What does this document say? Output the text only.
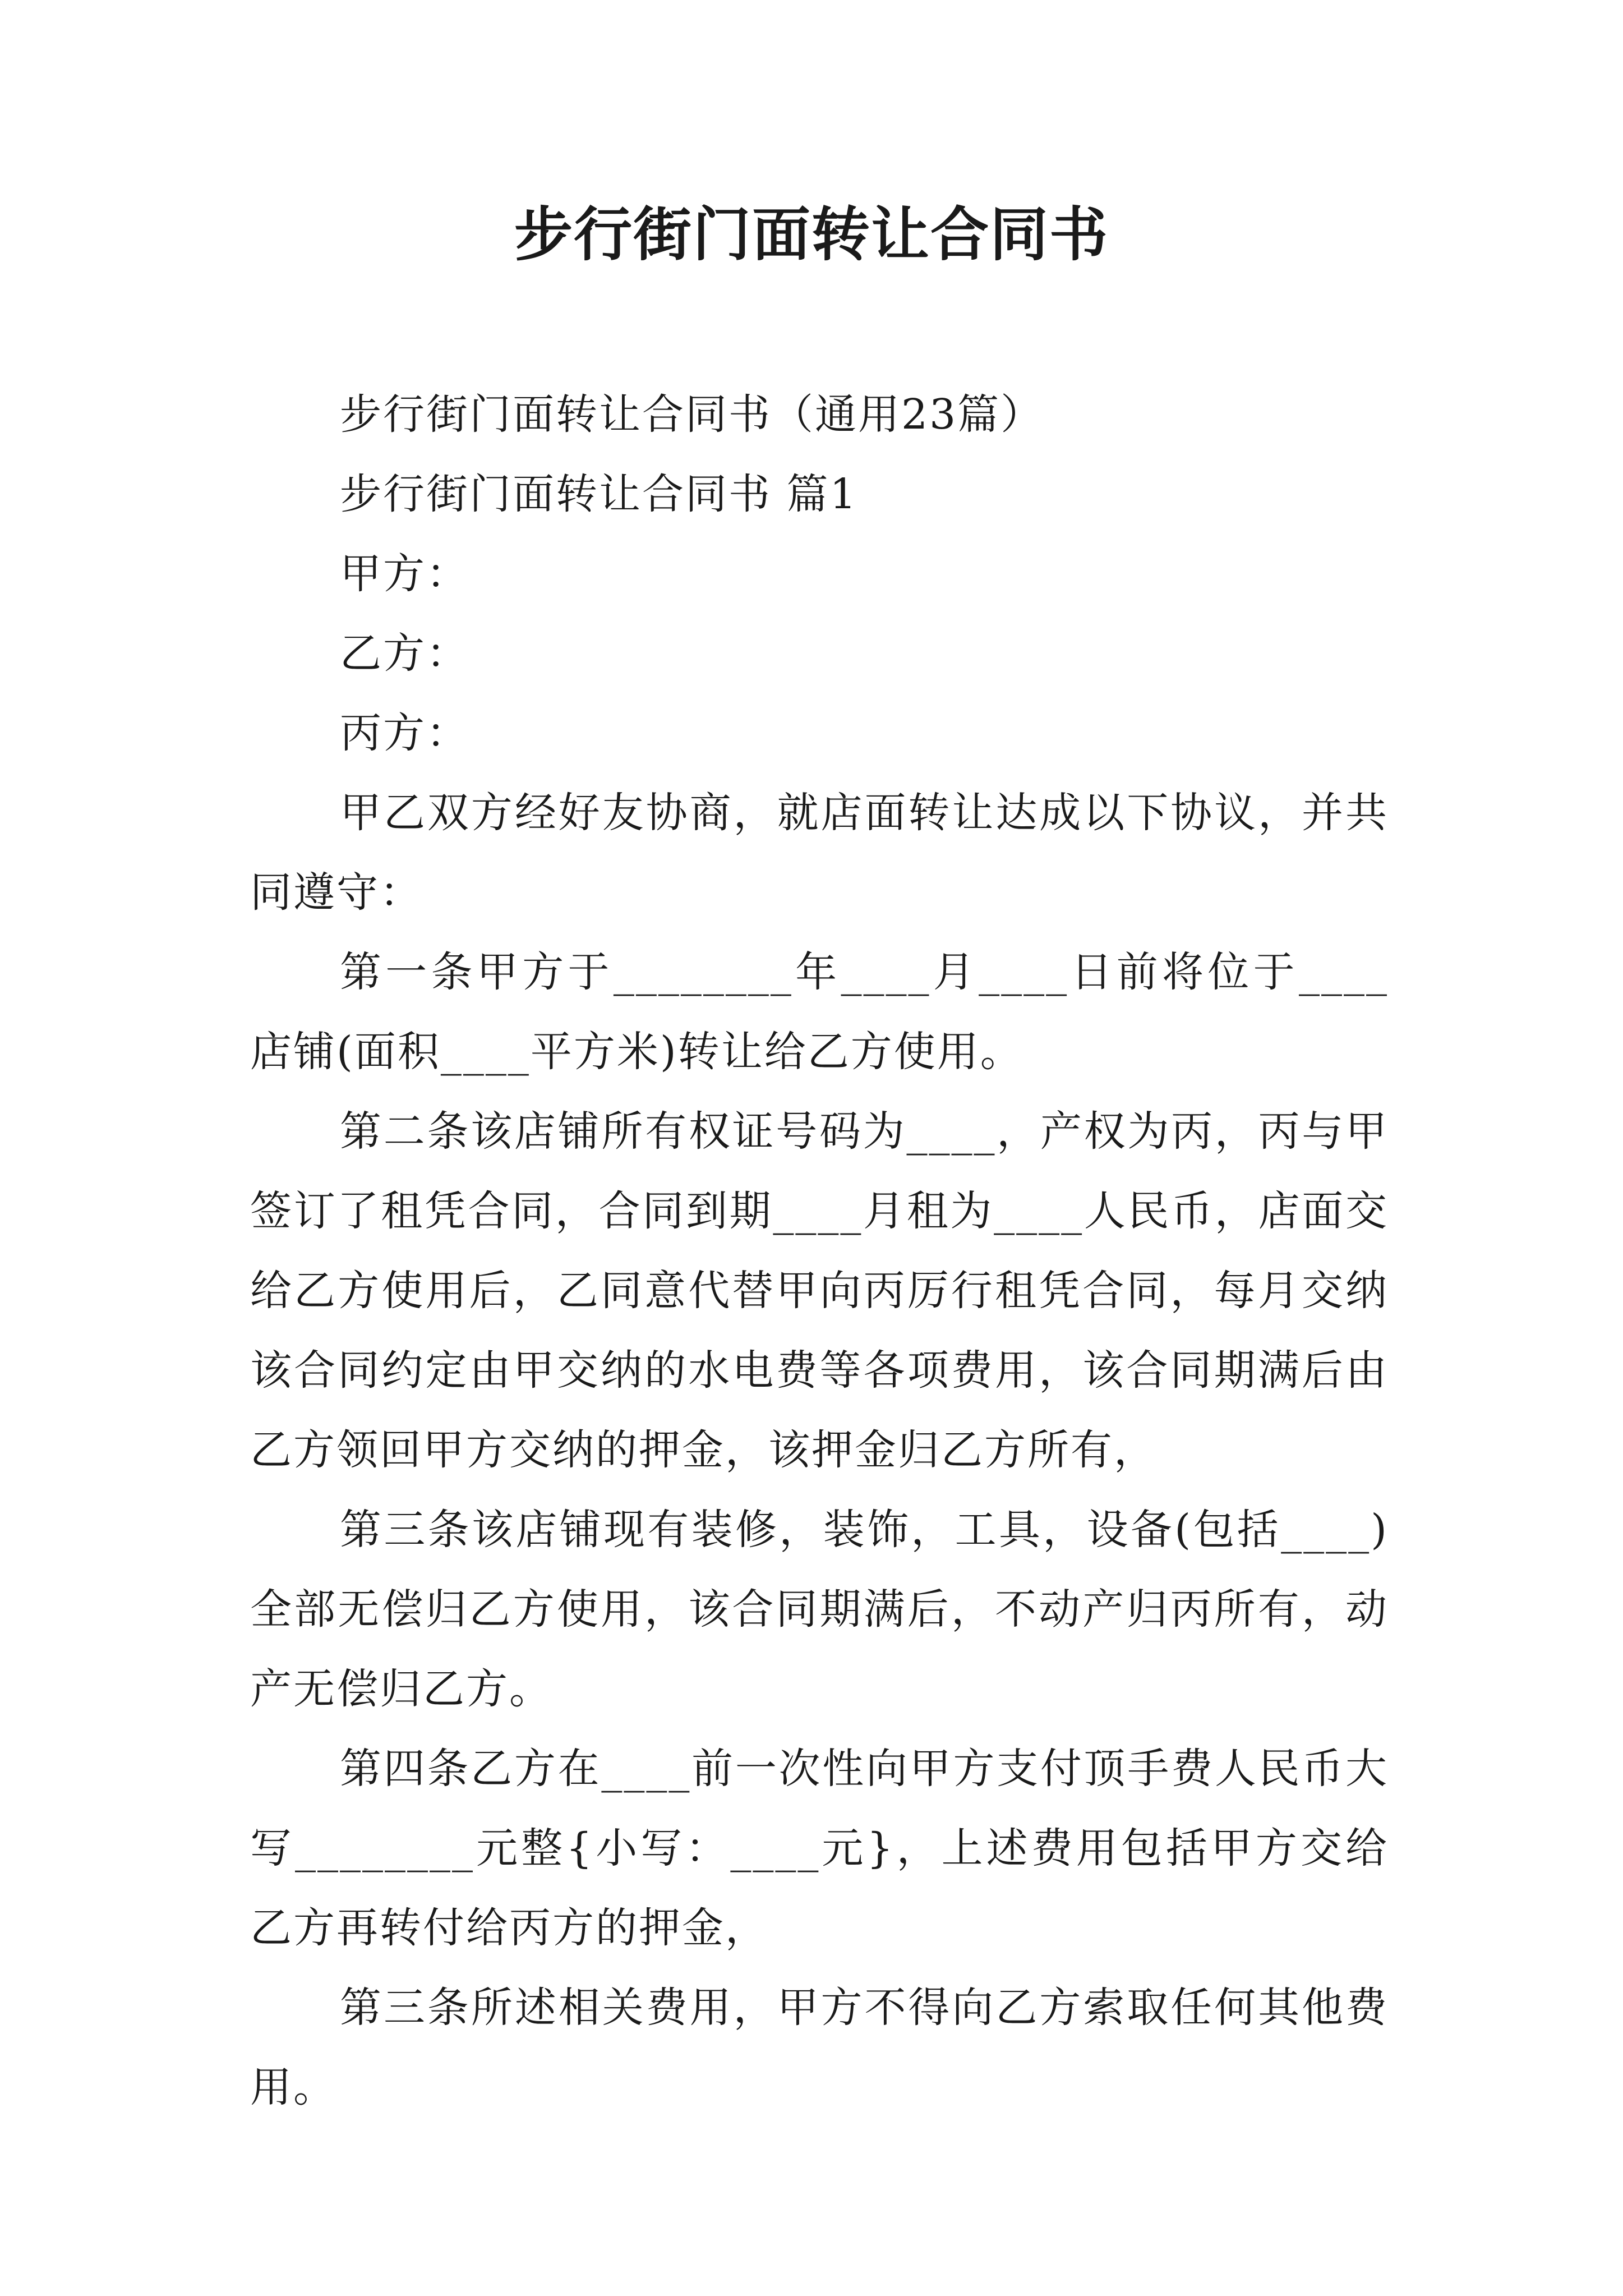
步行街门面转让合同书

步行街门面转让合同书（通用23篇）

步行街门面转让合同书 篇1

甲方：

乙方：

丙方：

甲乙双方经好友协商，就店面转让达成以下协议，并共同遵守：

第一条甲方于________年____月____日前将位于____店铺(面积____平方米)转让给乙方使用。

第二条该店铺所有权证号码为____，产权为丙，丙与甲签订了租凭合同，合同到期____月租为____人民币，店面交给乙方使用后，乙同意代替甲向丙厉行租凭合同，每月交纳该合同约定由甲交纳的水电费等各项费用，该合同期满后由乙方领回甲方交纳的押金，该押金归乙方所有，

第三条该店铺现有装修，装饰，工具，设备(包括____)全部无偿归乙方使用，该合同期满后，不动产归丙所有，动产无偿归乙方。

第四条乙方在____前一次性向甲方支付顶手费人民币大写________元整{小写：____元}，上述费用包括甲方交给乙方再转付给丙方的押金，

第三条所述相关费用，甲方不得向乙方索取任何其他费用。
